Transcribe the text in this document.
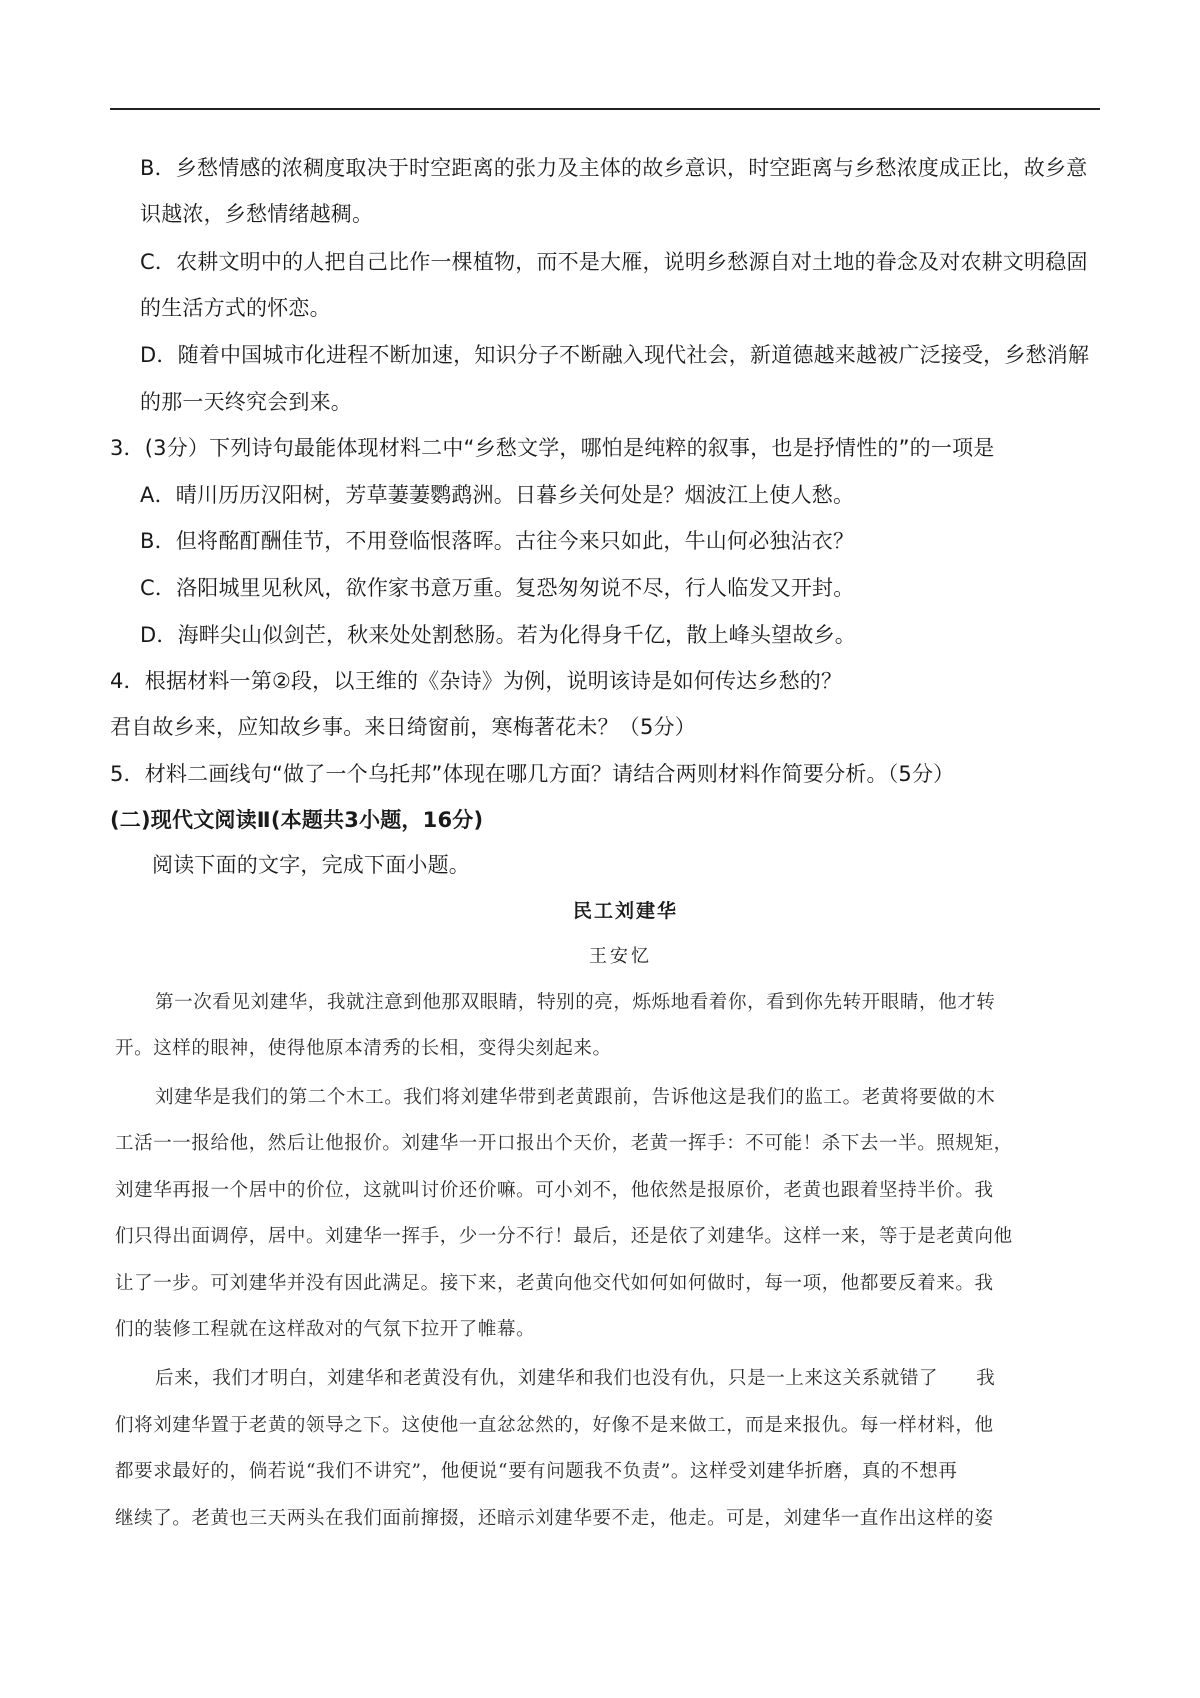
B．乡愁情感的浓稠度取决于时空距离的张力及主体的故乡意识，时空距离与乡愁浓度成正比，故乡意
识越浓，乡愁情绪越稠。
C．农耕文明中的人把自己比作一棵植物，而不是大雁，说明乡愁源自对土地的眷念及对农耕文明稳固
的生活方式的怀恋。
D．随着中国城市化进程不断加速，知识分子不断融入现代社会，新道德越来越被广泛接受，乡愁消解
的那一天终究会到来。
3．(3分）下列诗句最能体现材料二中“乡愁文学，哪怕是纯粹的叙事，也是抒情性的”的一项是
A．晴川历历汉阳树，芳草萋萋鹦鹉洲。日暮乡关何处是？烟波江上使人愁。
B．但将酩酊酬佳节，不用登临恨落晖。古往今来只如此，牛山何必独沾衣？
C．洛阳城里见秋风，欲作家书意万重。复恐匆匆说不尽，行人临发又开封。
D．海畔尖山似剑芒，秋来处处割愁肠。若为化得身千亿，散上峰头望故乡。
4．根据材料一第②段，以王维的《杂诗》为例，说明该诗是如何传达乡愁的？
君自故乡来，应知故乡事。来日绮窗前，寒梅著花未？（5分）
5．材料二画线句“做了一个乌托邦”体现在哪几方面？请结合两则材料作简要分析。（5分）
(二)现代文阅读Ⅱ(本题共3小题，16分)
阅读下面的文字，完成下面小题。
民工刘建华
王安忆
第一次看见刘建华，我就注意到他那双眼睛，特别的亮，烁烁地看着你，看到你先转开眼睛，他才转
开。这样的眼神，使得他原本清秀的长相，变得尖刻起来。
刘建华是我们的第二个木工。我们将刘建华带到老黄跟前，告诉他这是我们的监工。老黄将要做的木
工活一一报给他，然后让他报价。刘建华一开口报出个天价，老黄一挥手：不可能！杀下去一半。照规矩，
刘建华再报一个居中的价位，这就叫讨价还价嘛。可小刘不，他依然是报原价，老黄也跟着坚持半价。我
们只得出面调停，居中。刘建华一挥手，少一分不行！最后，还是依了刘建华。这样一来，等于是老黄向他
让了一步。可刘建华并没有因此满足。接下来，老黄向他交代如何如何做时，每一项，他都要反着来。我
们的装修工程就在这样敌对的气氛下拉开了帷幕。
后来，我们才明白，刘建华和老黄没有仇，刘建华和我们也没有仇，只是一上来这关系就错了　　我
们将刘建华置于老黄的领导之下。这使他一直忿忿然的，好像不是来做工，而是来报仇。每一样材料，他
都要求最好的，倘若说“我们不讲究”，他便说“要有问题我不负责”。这样受刘建华折磨，真的不想再
继续了。老黄也三天两头在我们面前撺掇，还暗示刘建华要不走，他走。可是，刘建华一直作出这样的姿
